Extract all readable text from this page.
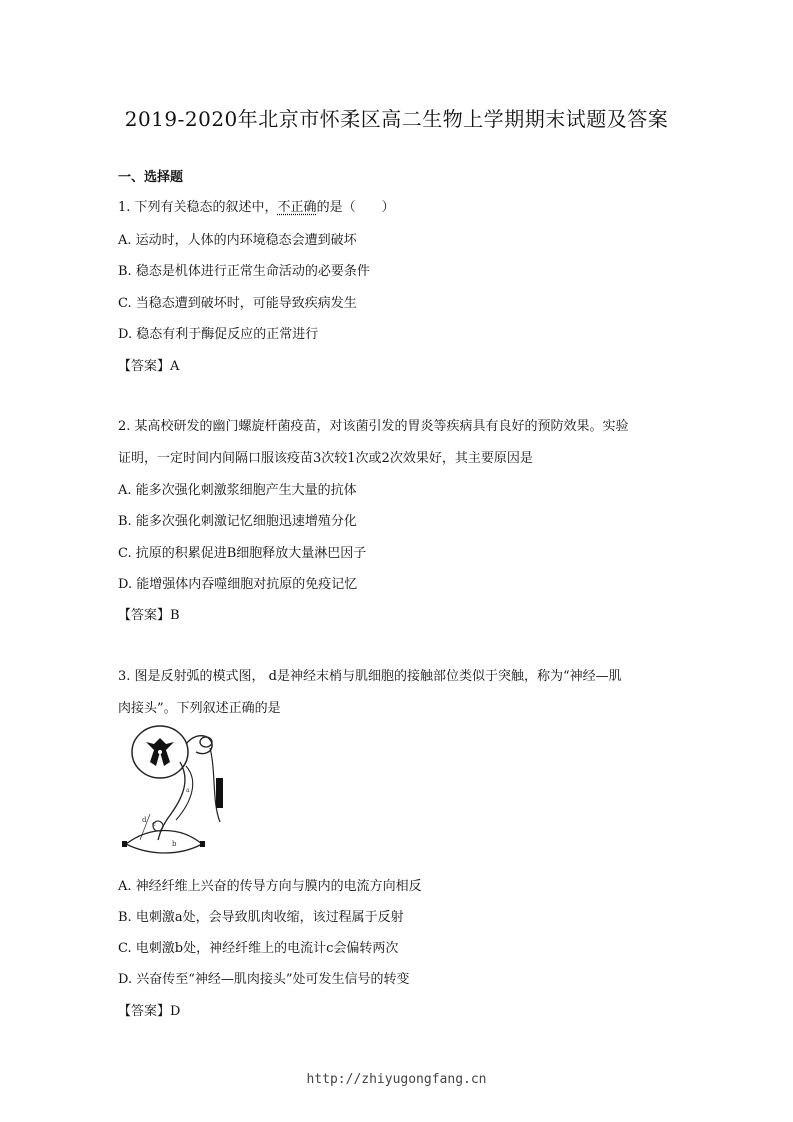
2019-2020年北京市怀柔区高二生物上学期期末试题及答案
一、选择题
1. 下列有关稳态的叙述中，不正确的是（　　）
A. 运动时，人体的内环境稳态会遭到破坏
B. 稳态是机体进行正常生命活动的必要条件
C. 当稳态遭到破坏时，可能导致疾病发生
D. 稳态有利于酶促反应的正常进行
【答案】A
2. 某高校研发的幽门螺旋杆菌疫苗，对该菌引发的胃炎等疾病具有良好的预防效果。实验
证明，一定时间内间隔口服该疫苗3次较1次或2次效果好，其主要原因是
A. 能多次强化刺激浆细胞产生大量的抗体
B. 能多次强化刺激记忆细胞迅速增殖分化
C. 抗原的积累促进B细胞释放大量淋巴因子
D. 能增强体内吞噬细胞对抗原的免疫记忆
【答案】B
3. 图是反射弧的模式图， d是神经末梢与肌细胞的接触部位类似于突触，称为“神经—肌
肉接头”。下列叙述正确的是
a
c
d
b
A. 神经纤维上兴奋的传导方向与膜内的电流方向相反
B. 电刺激a处，会导致肌肉收缩，该过程属于反射
C. 电刺激b处，神经纤维上的电流计c会偏转两次
D. 兴奋传至“神经—肌肉接头”处可发生信号的转变
【答案】D
http://zhiyugongfang.cn
